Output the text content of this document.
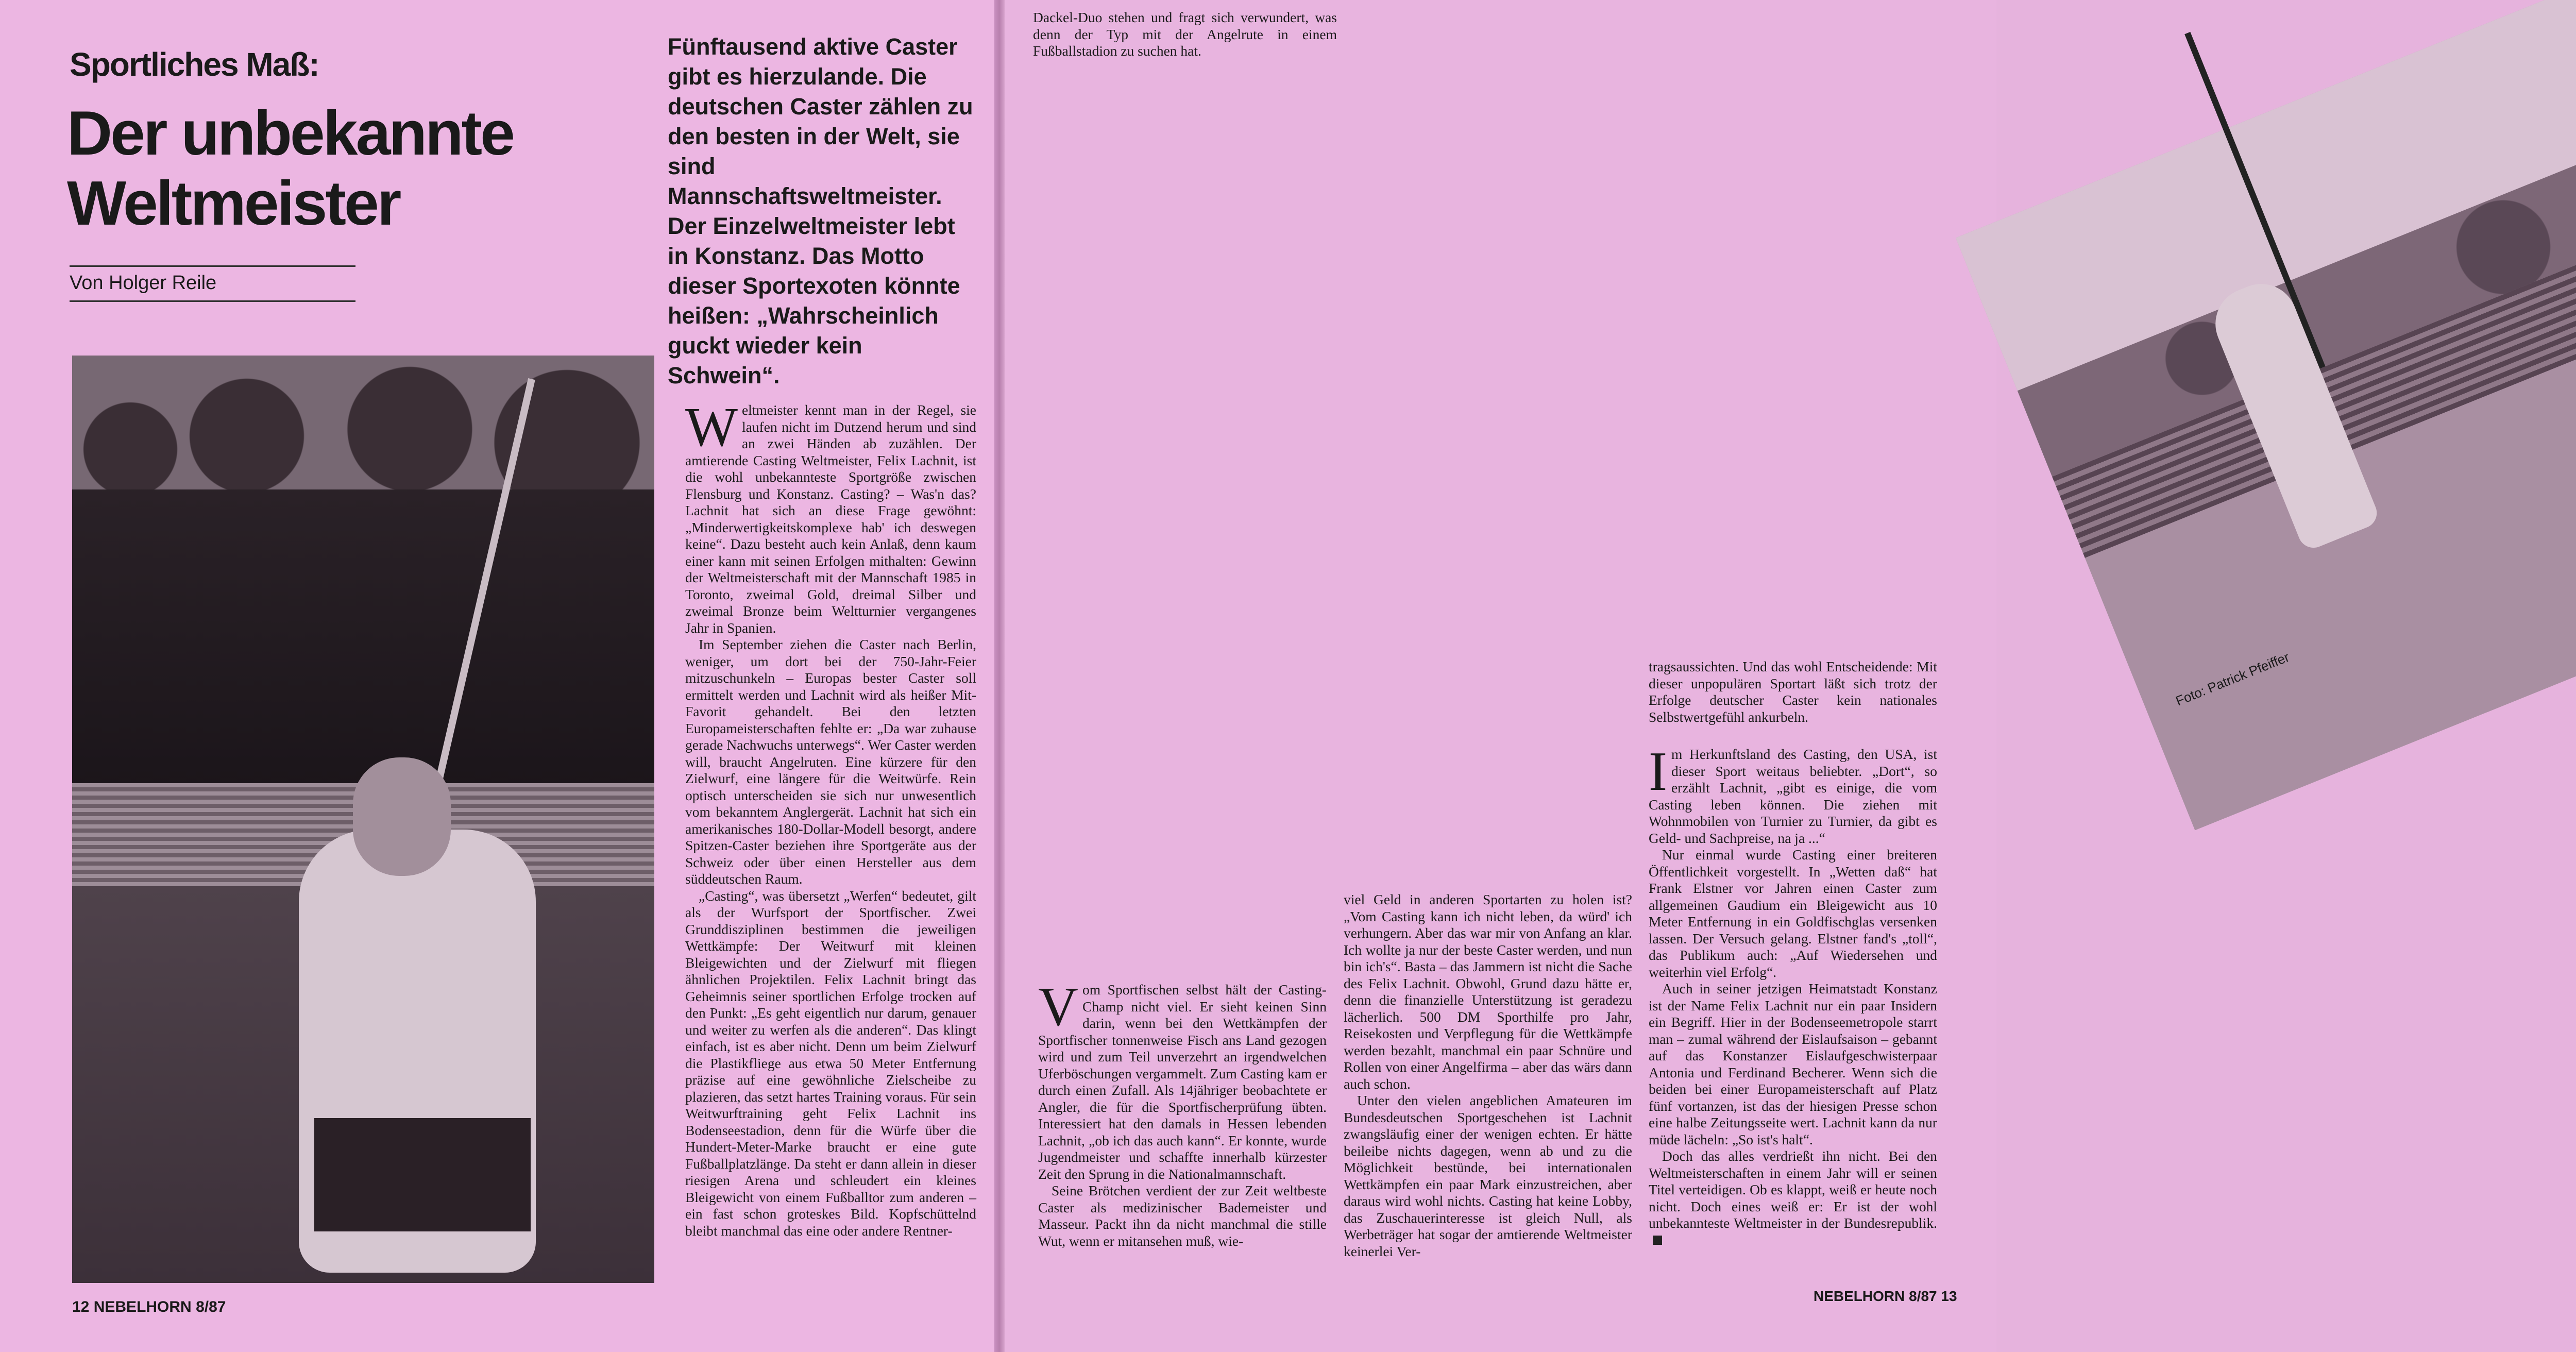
Sportliches Maß:
Der unbekannte
Weltmeister
Von Holger Reile
Fünftausend aktive Caster gibt es hierzulande. Die deutschen Caster zählen zu den besten in der Welt, sie sind Mannschaftsweltmeister. Der Einzelweltmeister lebt in Konstanz. Das Motto dieser Sportexoten könnte heißen: „Wahrscheinlich guckt wieder kein Schwein“.

Weltmeister kennt man in der Regel, sie laufen nicht im Dutzend herum und sind an zwei Händen ab zuzählen. Der amtierende Casting Weltmeister, Felix Lachnit, ist die wohl unbekannteste Sportgröße zwischen Flensburg und Konstanz. Casting? – Was'n das? Lachnit hat sich an diese Frage gewöhnt: „Minderwertigkeitskomplexe hab' ich deswegen keine“. Dazu besteht auch kein Anlaß, denn kaum einer kann mit seinen Erfolgen mithalten: Gewinn der Weltmeisterschaft mit der Mannschaft 1985 in Toronto, zweimal Gold, dreimal Silber und zweimal Bronze beim Weltturnier vergangenes Jahr in Spanien.

Im September ziehen die Caster nach Berlin, weniger, um dort bei der 750-Jahr-Feier mitzuschunkeln – Europas bester Caster soll ermittelt werden und Lachnit wird als heißer Mit-Favorit gehandelt. Bei den letzten Europameisterschaften fehlte er: „Da war zuhause gerade Nachwuchs unterwegs“. Wer Caster werden will, braucht Angelruten. Eine kürzere für den Zielwurf, eine längere für die Weitwürfe. Rein optisch unterscheiden sie sich nur unwesentlich vom bekanntem Anglergerät. Lachnit hat sich ein amerikanisches 180-Dollar-Modell besorgt, andere Spitzen-Caster beziehen ihre Sportgeräte aus der Schweiz oder über einen Hersteller aus dem süddeutschen Raum.

„Casting“, was übersetzt „Werfen“ bedeutet, gilt als der Wurfsport der Sportfischer. Zwei Grunddisziplinen bestimmen die jeweiligen Wettkämpfe: Der Weitwurf mit kleinen Bleigewichten und der Zielwurf mit fliegen ähnlichen Projektilen. Felix Lachnit bringt das Geheimnis seiner sportlichen Erfolge trocken auf den Punkt: „Es geht eigentlich nur darum, genauer und weiter zu werfen als die anderen“. Das klingt einfach, ist es aber nicht. Denn um beim Zielwurf die Plastikfliege aus etwa 50 Meter Entfernung präzise auf eine gewöhnliche Zielscheibe zu plazieren, das setzt hartes Training voraus. Für sein Weitwurftraining geht Felix Lachnit ins Bodenseestadion, denn für die Würfe über die Hundert-Meter-Marke braucht er eine gute Fußballplatzlänge. Da steht er dann allein in dieser riesigen Arena und schleudert ein kleines Bleigewicht von einem Fußballtor zum anderen – ein fast schon groteskes Bild. Kopfschüttelnd bleibt manchmal das eine oder andere Rentner-

12 NEBELHORN 8/87
Foto: Patrick Pfeiffer
Dackel-Duo stehen und fragt sich verwundert, was denn der Typ mit der Angelrute in einem Fußballstadion zu suchen hat.

Vom Sportfischen selbst hält der Casting-Champ nicht viel. Er sieht keinen Sinn darin, wenn bei den Wettkämpfen der Sportfischer tonnenweise Fisch ans Land gezogen wird und zum Teil unverzehrt an irgendwelchen Uferböschungen vergammelt. Zum Casting kam er durch einen Zufall. Als 14jähriger beobachtete er Angler, die für die Sportfischerprüfung übten. Interessiert hat den damals in Hessen lebenden Lachnit, „ob ich das auch kann“. Er konnte, wurde Jugendmeister und schaffte innerhalb kürzester Zeit den Sprung in die Nationalmannschaft.

Seine Brötchen verdient der zur Zeit weltbeste Caster als medizinischer Bademeister und Masseur. Packt ihn da nicht manchmal die stille Wut, wenn er mitansehen muß, wie-

viel Geld in anderen Sportarten zu holen ist? „Vom Casting kann ich nicht leben, da würd' ich verhungern. Aber das war mir von Anfang an klar. Ich wollte ja nur der beste Caster werden, und nun bin ich's“. Basta – das Jammern ist nicht die Sache des Felix Lachnit. Obwohl, Grund dazu hätte er, denn die finanzielle Unterstützung ist geradezu lächerlich. 500 DM Sporthilfe pro Jahr, Reisekosten und Verpflegung für die Wettkämpfe werden bezahlt, manchmal ein paar Schnüre und Rollen von einer Angelfirma – aber das wärs dann auch schon.

Unter den vielen angeblichen Amateuren im Bundesdeutschen Sportgeschehen ist Lachnit zwangsläufig einer der wenigen echten. Er hätte beileibe nichts dagegen, wenn ab und zu die Möglichkeit bestünde, bei internationalen Wettkämpfen ein paar Mark einzustreichen, aber daraus wird wohl nichts. Casting hat keine Lobby, das Zuschauerinteresse ist gleich Null, als Werbeträger hat sogar der amtierende Weltmeister keinerlei Ver-

tragsaussichten. Und das wohl Entscheidende: Mit dieser unpopulären Sportart läßt sich trotz der Erfolge deutscher Caster kein nationales Selbstwertgefühl ankurbeln.

Im Herkunftsland des Casting, den USA, ist dieser Sport weitaus beliebter. „Dort“, so erzählt Lachnit, „gibt es einige, die vom Casting leben können. Die ziehen mit Wohnmobilen von Turnier zu Turnier, da gibt es Geld- und Sachpreise, na ja ...“

Nur einmal wurde Casting einer breiteren Öffentlichkeit vorgestellt. In „Wetten daß“ hat Frank Elstner vor Jahren einen Caster zum allgemeinen Gaudium ein Bleigewicht aus 10 Meter Entfernung in ein Goldfischglas versenken lassen. Der Versuch gelang. Elstner fand's „toll“, das Publikum auch: „Auf Wiedersehen und weiterhin viel Erfolg“.

Auch in seiner jetzigen Heimatstadt Konstanz ist der Name Felix Lachnit nur ein paar Insidern ein Begriff. Hier in der Bodenseemetropole starrt man – zumal während der Eislaufsaison – gebannt auf das Konstanzer Eislaufgeschwisterpaar Antonia und Ferdinand Becherer. Wenn sich die beiden bei einer Europameisterschaft auf Platz fünf vortanzen, ist das der hiesigen Presse schon eine halbe Zeitungsseite wert. Lachnit kann da nur müde lächeln: „So ist's halt“.

Doch das alles verdrießt ihn nicht. Bei den Weltmeisterschaften in einem Jahr will er seinen Titel verteidigen. Ob es klappt, weiß er heute noch nicht. Doch eines weiß er: Er ist der wohl unbekannteste Weltmeister in der Bundesrepublik.

NEBELHORN 8/87 13
